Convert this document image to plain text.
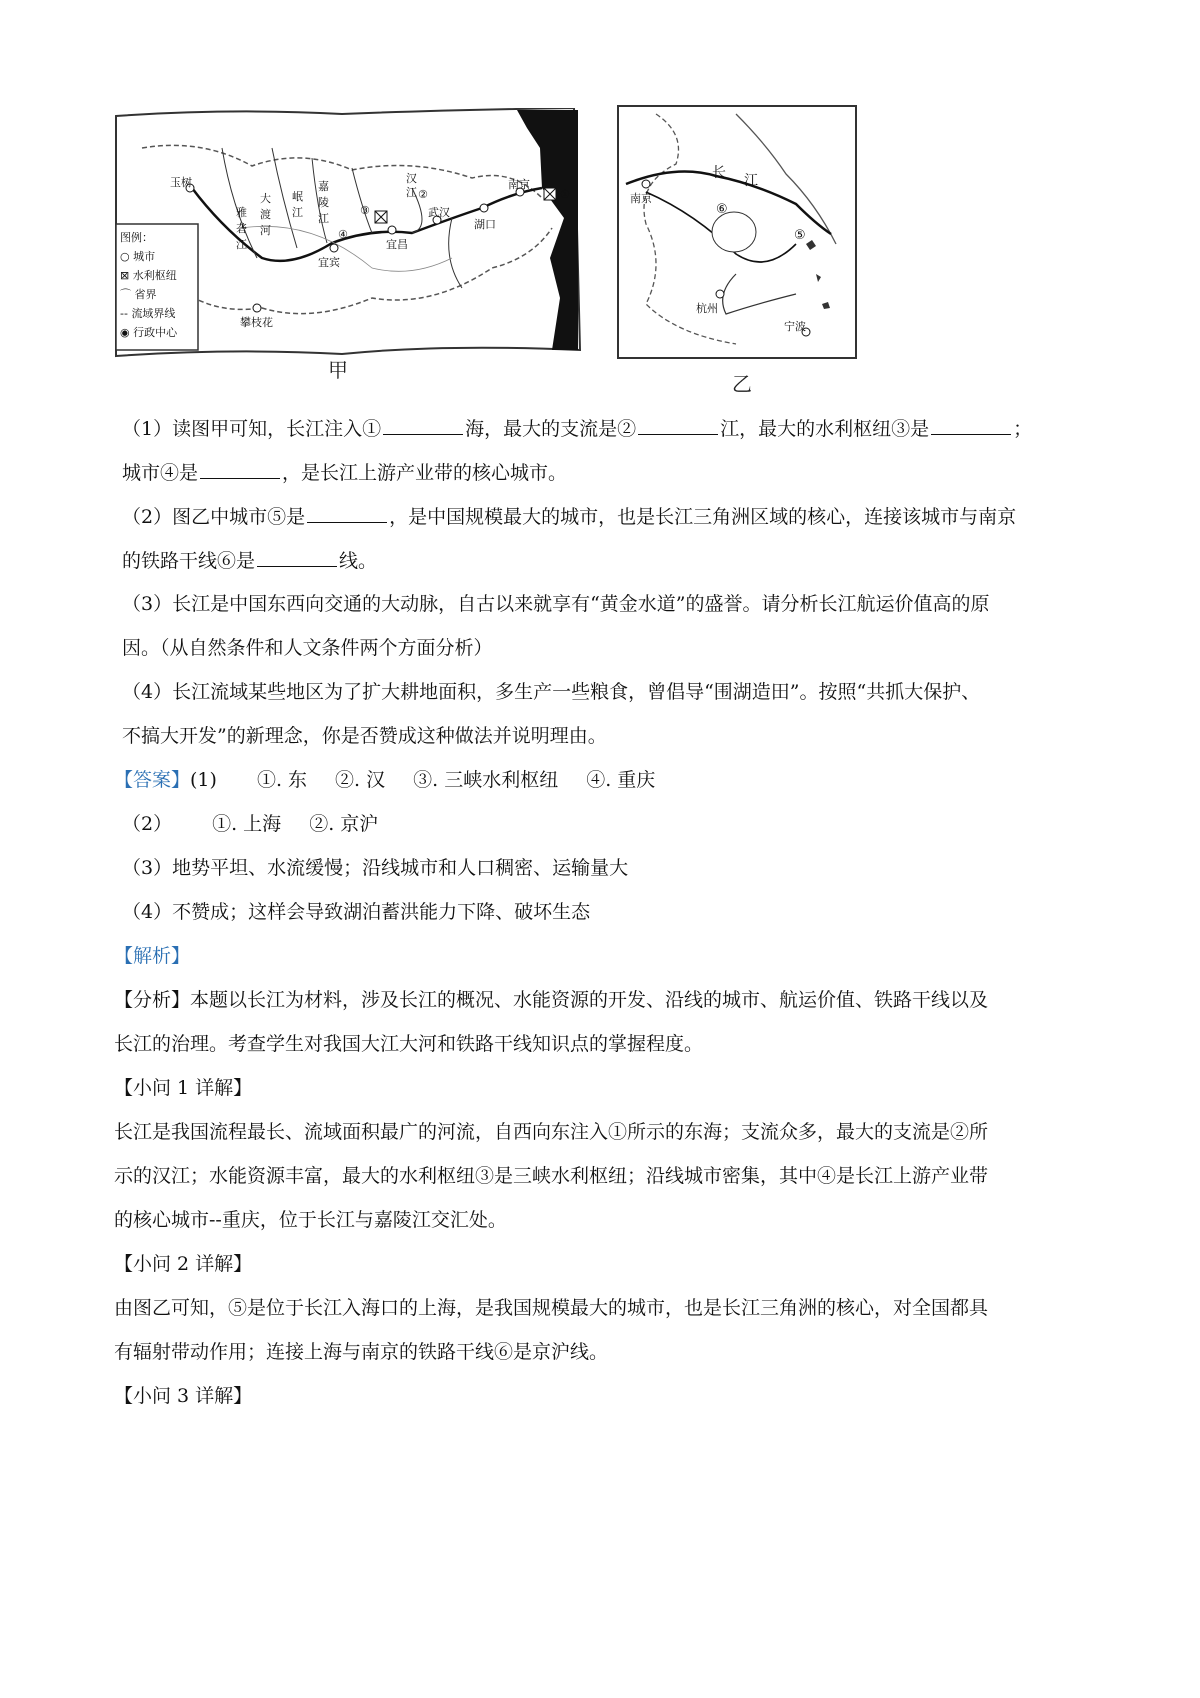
图例：
○ 城市
⊠ 水利枢纽
⌒ 省界
-- 流域界线
◉ 行政中心
玉树
攀枝花
宜宾
宜昌
武汉
湖口
南京
③
④
①
②
雅
砻
江
大
渡
河
岷
江
嘉
陵
江
汉
江
甲
南京
长 江
⑥
⑤
杭州
宁波
乙
（1）读图甲可知，长江注入①	海，最大的支流是②	江，最大的水利枢纽③是	；
城市④是	，是长江上游产业带的核心城市。
（2）图乙中城市⑤是	，是中国规模最大的城市，也是长江三角洲区域的核心，连接该城市与南京
的铁路干线⑥是	线。
（3）长江是中国东西向交通的大动脉，自古以来就享有“黄金水道”的盛誉。请分析长江航运价值高的原
因。（从自然条件和人文条件两个方面分析）
（4）长江流域某些地区为了扩大耕地面积，多生产一些粮食，曾倡导“围湖造田”。按照“共抓大保护、
不搞大开发”的新理念，你是否赞成这种做法并说明理由。
【答案】(1) ①. 东 ②. 汉 ③. 三峡水利枢纽 ④. 重庆
（2） ①. 上海 ②. 京沪
（3）地势平坦、水流缓慢；沿线城市和人口稠密、运输量大
（4）不赞成；这样会导致湖泊蓄洪能力下降、破坏生态
【解析】
【分析】本题以长江为材料，涉及长江的概况、水能资源的开发、沿线的城市、航运价值、铁路干线以及
长江的治理。考查学生对我国大江大河和铁路干线知识点的掌握程度。
【小问 1 详解】
长江是我国流程最长、流域面积最广的河流，自西向东注入①所示的东海；支流众多，最大的支流是②所
示的汉江；水能资源丰富，最大的水利枢纽③是三峡水利枢纽；沿线城市密集，其中④是长江上游产业带
的核心城市--重庆，位于长江与嘉陵江交汇处。
【小问 2 详解】
由图乙可知，⑤是位于长江入海口的上海，是我国规模最大的城市，也是长江三角洲的核心，对全国都具
有辐射带动作用；连接上海与南京的铁路干线⑥是京沪线。
【小问 3 详解】
